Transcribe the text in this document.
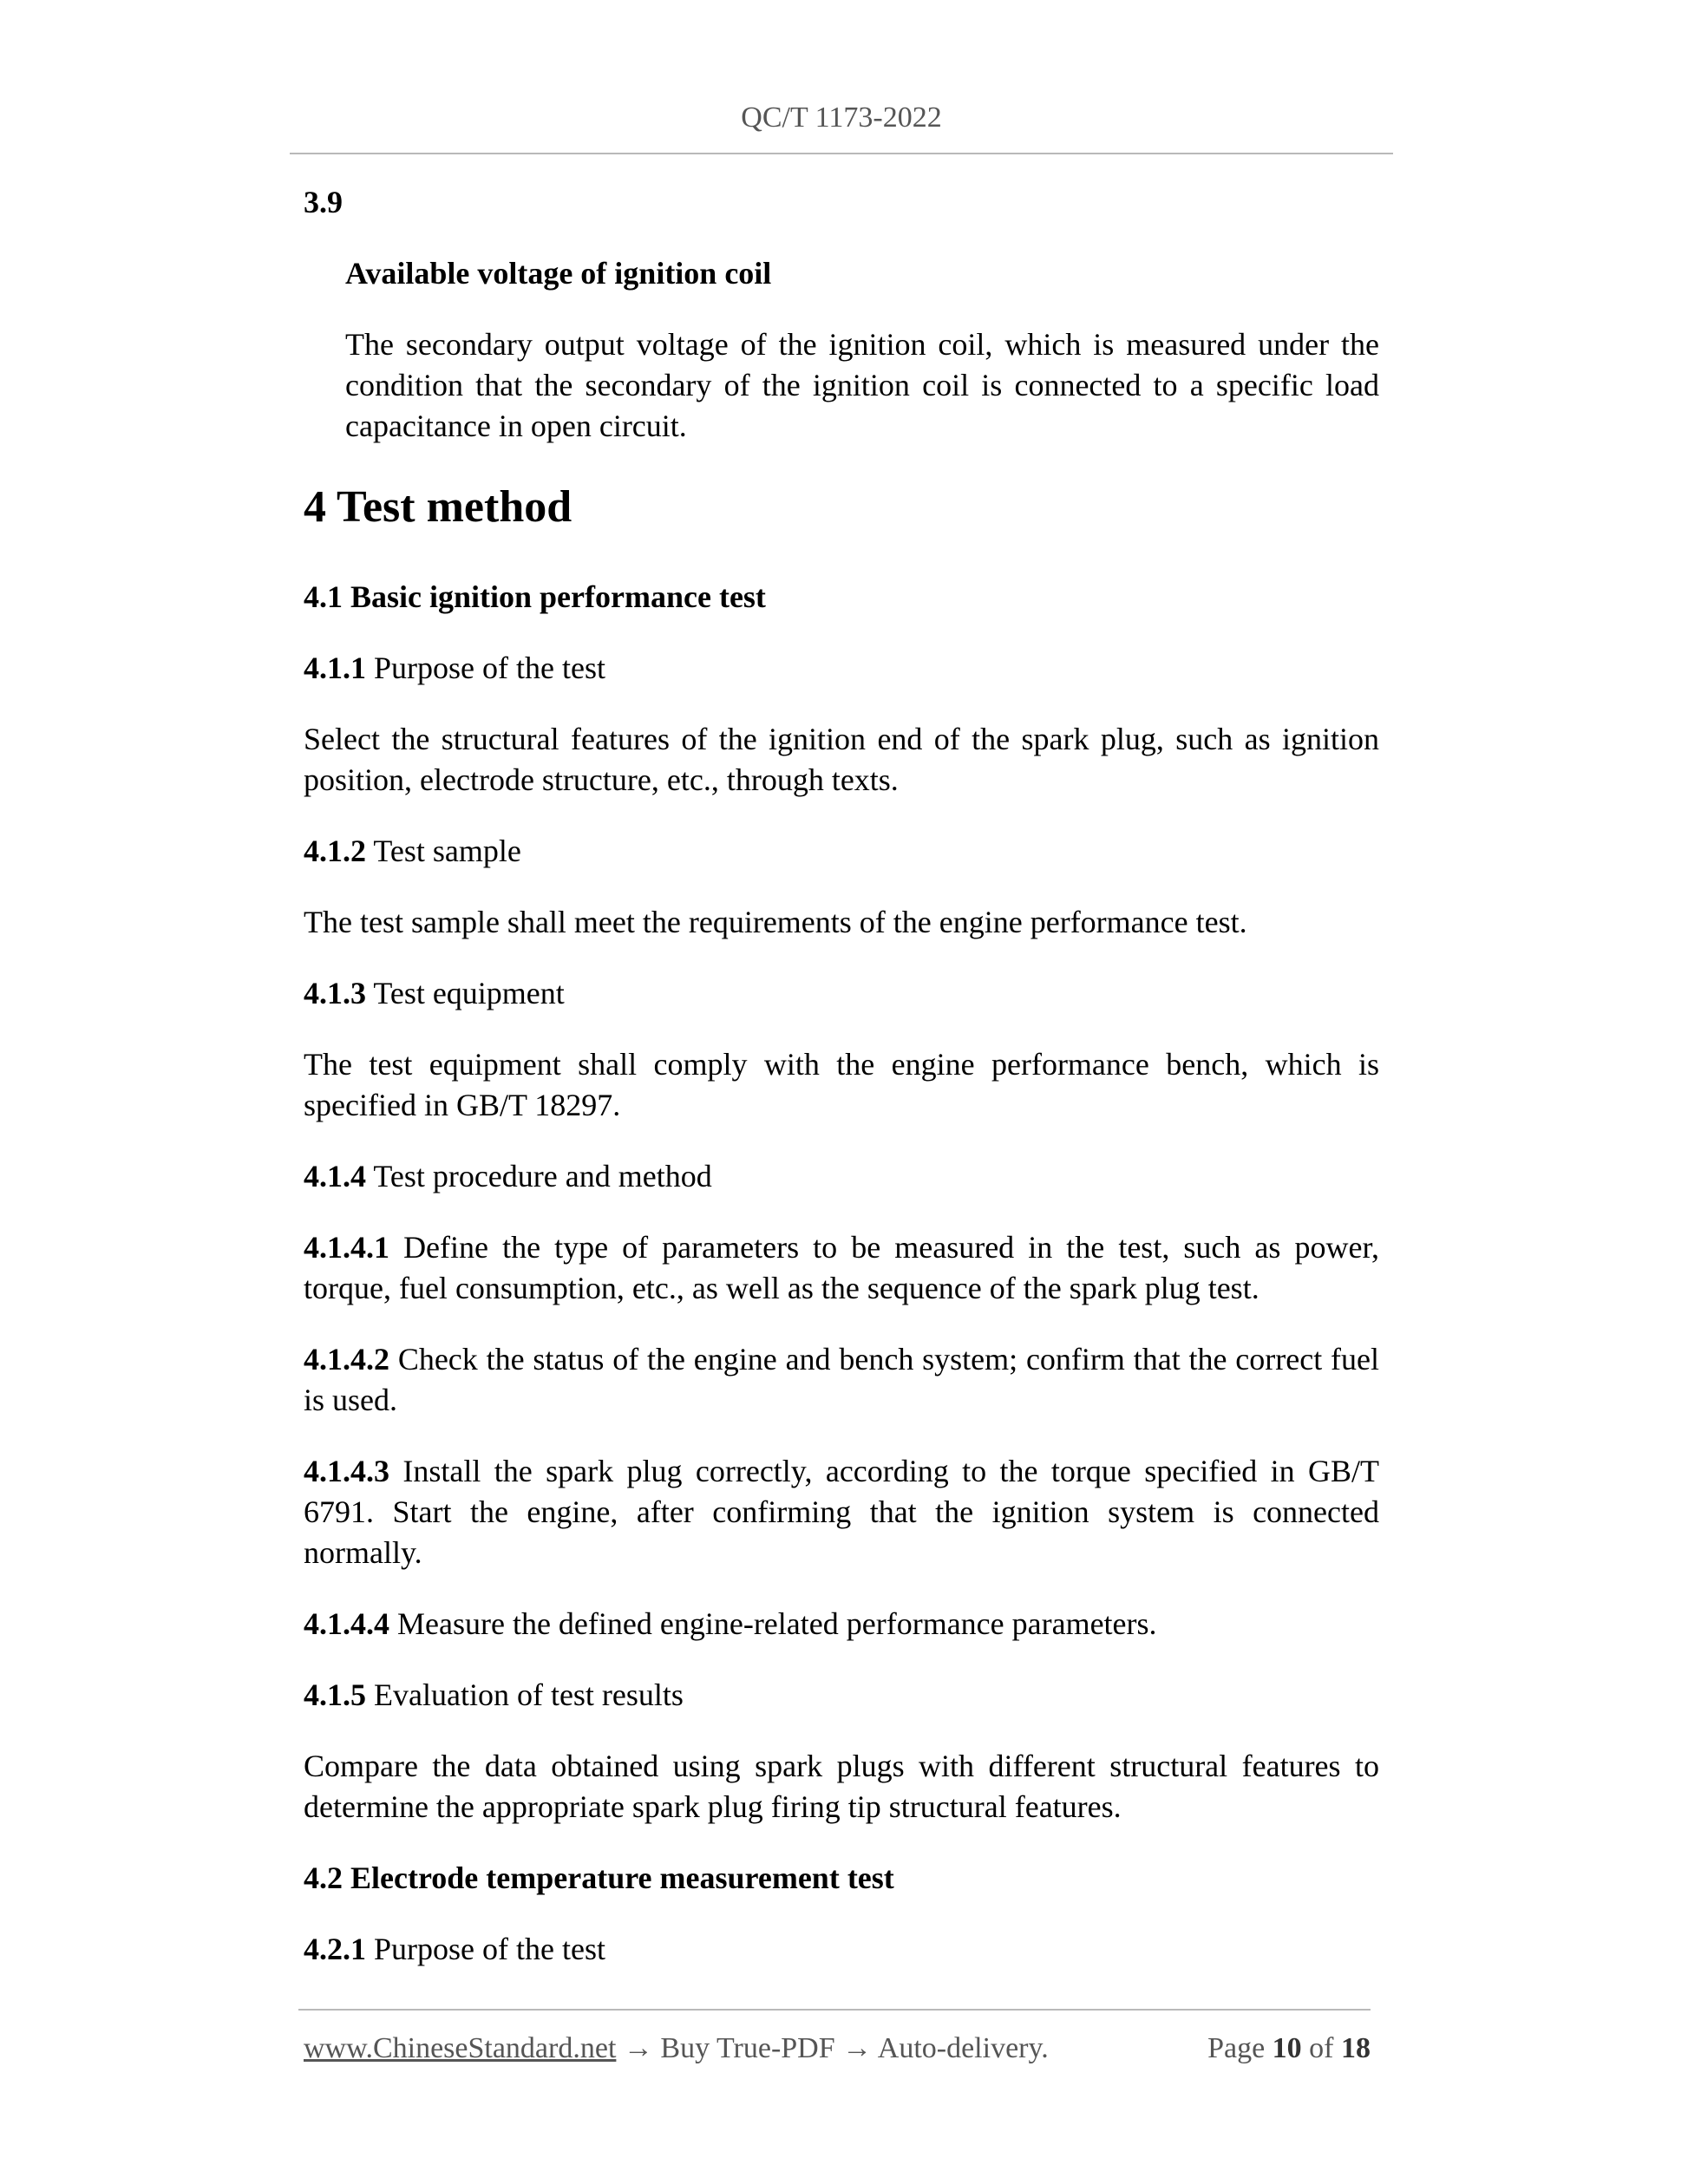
QC/T 1173-2022
3.9

Available voltage of ignition coil

The secondary output voltage of the ignition coil, which is measured under the condition that the secondary of the ignition coil is connected to a specific load capacitance in open circuit.

4 Test method

4.1 Basic ignition performance test

4.1.1 Purpose of the test

Select the structural features of the ignition end of the spark plug, such as ignition position, electrode structure, etc., through texts.

4.1.2 Test sample

The test sample shall meet the requirements of the engine performance test.

4.1.3 Test equipment

The test equipment shall comply with the engine performance bench, which is specified in GB/T 18297.

4.1.4 Test procedure and method

4.1.4.1 Define the type of parameters to be measured in the test, such as power, torque, fuel consumption, etc., as well as the sequence of the spark plug test.

4.1.4.2 Check the status of the engine and bench system; confirm that the correct fuel is used.

4.1.4.3 Install the spark plug correctly, according to the torque specified in GB/T 6791. Start the engine, after confirming that the ignition system is connected normally.

4.1.4.4 Measure the defined engine-related performance parameters.

4.1.5 Evaluation of test results

Compare the data obtained using spark plugs with different structural features to determine the appropriate spark plug firing tip structural features.

4.2 Electrode temperature measurement test

4.2.1 Purpose of the test

www.ChineseStandard.net → Buy True-PDF → Auto-delivery.	Page 10 of 18
